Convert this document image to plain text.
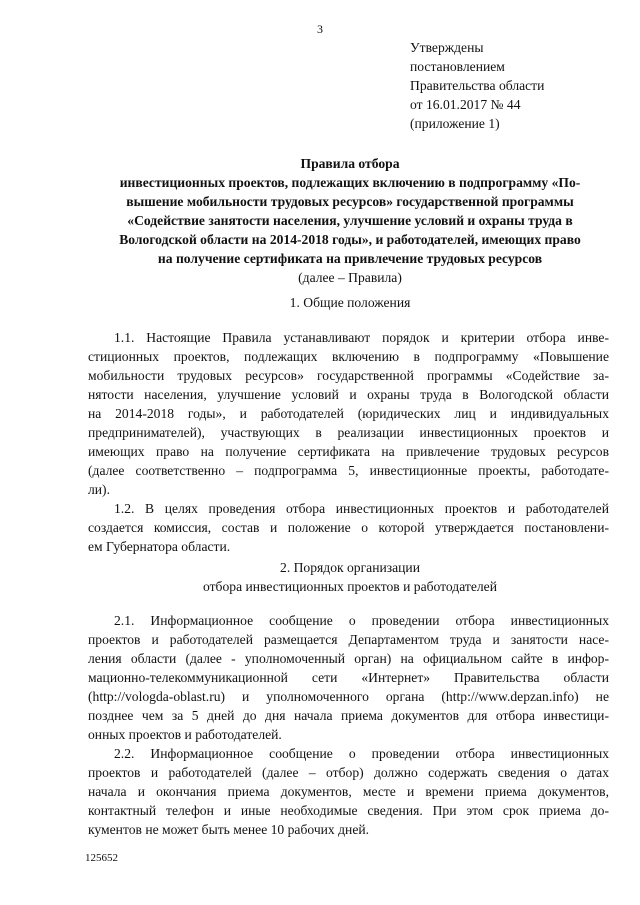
3
Утверждены
постановлением
Правительства области
от 16.01.2017 № 44
(приложение 1)
Правила отбора
инвестиционных проектов, подлежащих включению в подпрограмму «По-
вышение мобильности трудовых ресурсов» государственной программы
«Содействие занятости населения, улучшение условий и охраны труда в
Вологодской области на 2014-2018 годы», и работодателей, имеющих право
на получение сертификата на привлечение трудовых ресурсов
(далее – Правила)
1. Общие положения
1.1. Настоящие Правила устанавливают порядок и критерии отбора инве-
стиционных проектов, подлежащих включению в подпрограмму «Повышение
мобильности трудовых ресурсов» государственной программы «Содействие за-
нятости населения, улучшение условий и охраны труда в Вологодской области
на 2014-2018 годы», и работодателей (юридических лиц и индивидуальных
предпринимателей), участвующих в реализации инвестиционных проектов и
имеющих право на получение сертификата на привлечение трудовых ресурсов
(далее соответственно – подпрограмма 5, инвестиционные проекты, работодате-
ли).
1.2. В целях проведения отбора инвестиционных проектов и работодателей
создается комиссия, состав и положение о которой утверждается постановлени-
ем Губернатора области.
2. Порядок организации
отбора инвестиционных проектов и работодателей
2.1. Информационное сообщение о проведении отбора инвестиционных
проектов и работодателей размещается Департаментом труда и занятости насе-
ления области (далее - уполномоченный орган) на официальном сайте в инфор-
мационно-телекоммуникационной сети «Интернет» Правительства области
(http://vologda-oblast.ru) и уполномоченного органа (http://www.depzan.info) не
позднее чем за 5 дней до дня начала приема документов для отбора инвестици-
онных проектов и работодателей.
2.2. Информационное сообщение о проведении отбора инвестиционных
проектов и работодателей (далее – отбор) должно содержать сведения о датах
начала и окончания приема документов, месте и времени приема документов,
контактный телефон и иные необходимые сведения. При этом срок приема до-
кументов не может быть менее 10 рабочих дней.
125652
